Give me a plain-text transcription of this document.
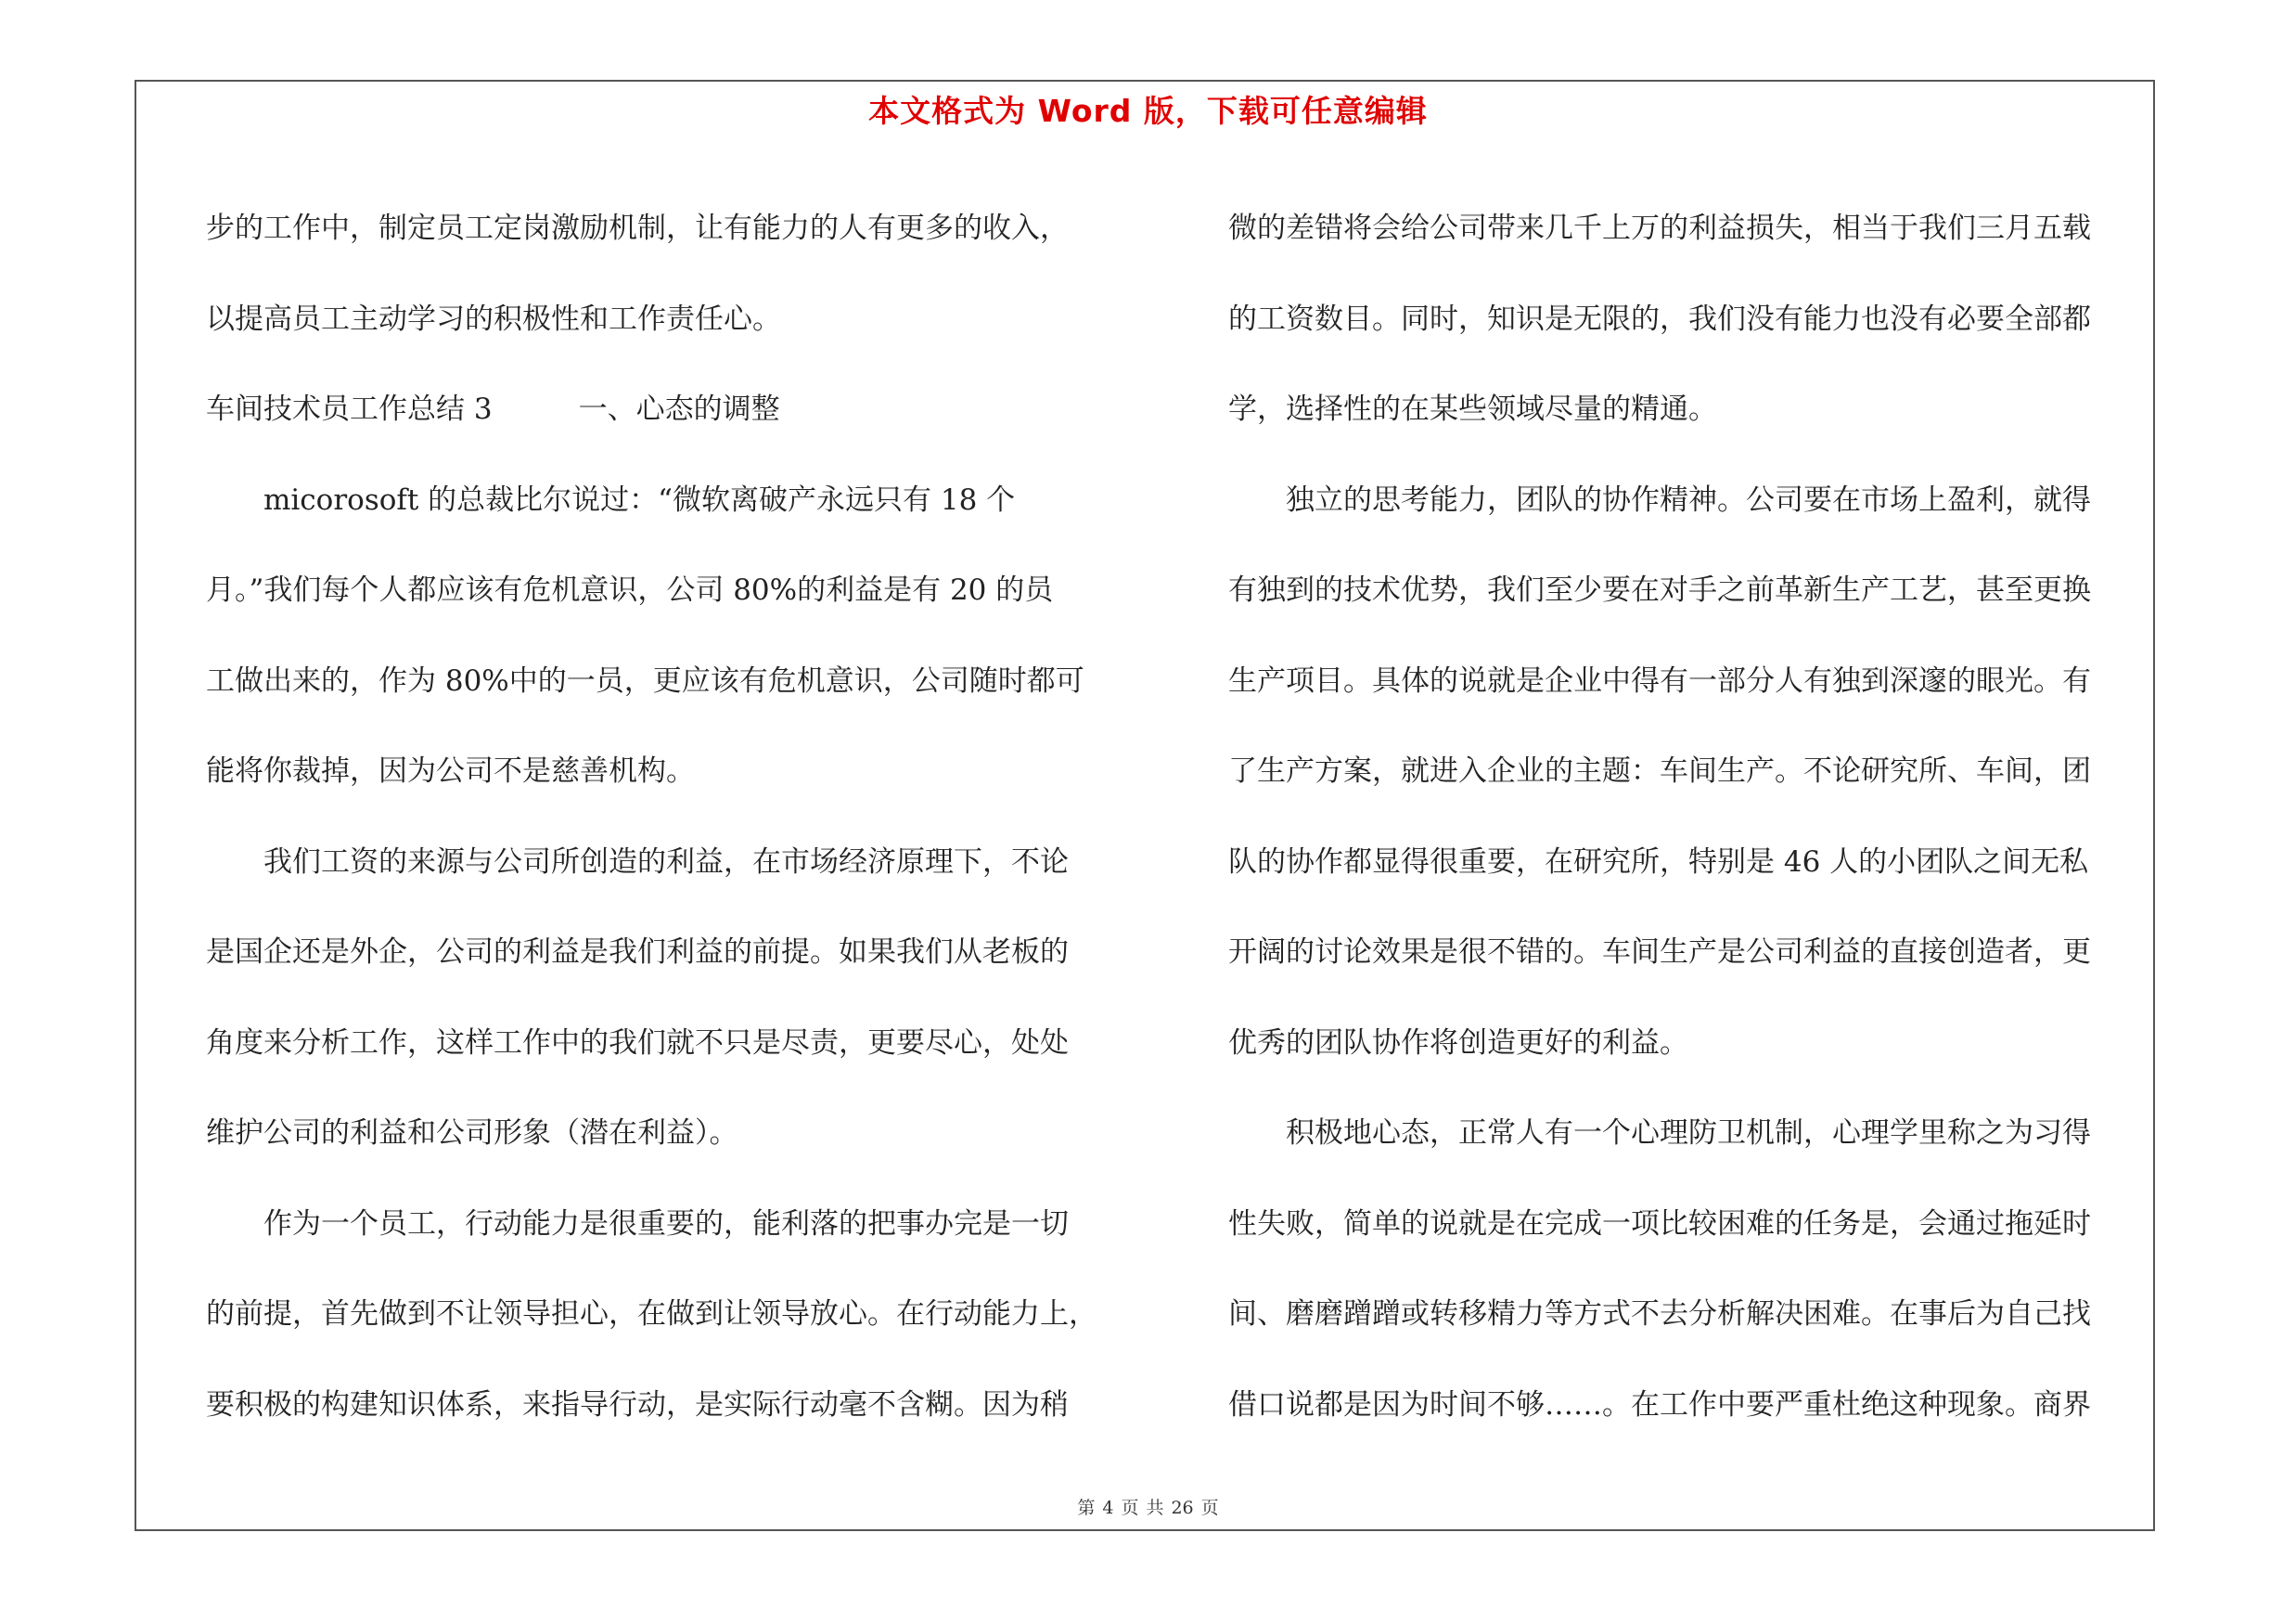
本文格式为 Word 版，下载可任意编辑
步的工作中，制定员工定岗激励机制，让有能力的人有更多的收入，
以提高员工主动学习的积极性和工作责任心。
车间技术员工作总结 3　　　一、心态的调整
　　micorosoft 的总裁比尔说过：“微软离破产永远只有 18 个
月。”我们每个人都应该有危机意识，公司 80%的利益是有 20 的员
工做出来的，作为 80%中的一员，更应该有危机意识，公司随时都可
能将你裁掉，因为公司不是慈善机构。
　　我们工资的来源与公司所创造的利益，在市场经济原理下，不论
是国企还是外企，公司的利益是我们利益的前提。如果我们从老板的
角度来分析工作，这样工作中的我们就不只是尽责，更要尽心，处处
维护公司的利益和公司形象（潜在利益）。
　　作为一个员工，行动能力是很重要的，能利落的把事办完是一切
的前提，首先做到不让领导担心，在做到让领导放心。在行动能力上，
要积极的构建知识体系，来指导行动，是实际行动毫不含糊。因为稍
微的差错将会给公司带来几千上万的利益损失，相当于我们三月五载
的工资数目。同时，知识是无限的，我们没有能力也没有必要全部都
学，选择性的在某些领域尽量的精通。
　　独立的思考能力，团队的协作精神。公司要在市场上盈利，就得
有独到的技术优势，我们至少要在对手之前革新生产工艺，甚至更换
生产项目。具体的说就是企业中得有一部分人有独到深邃的眼光。有
了生产方案，就进入企业的主题：车间生产。不论研究所、车间，团
队的协作都显得很重要，在研究所，特别是 46 人的小团队之间无私
开阔的讨论效果是很不错的。车间生产是公司利益的直接创造者，更
优秀的团队协作将创造更好的利益。
　　积极地心态，正常人有一个心理防卫机制，心理学里称之为习得
性失败，简单的说就是在完成一项比较困难的任务是，会通过拖延时
间、磨磨蹭蹭或转移精力等方式不去分析解决困难。在事后为自己找
借口说都是因为时间不够……。在工作中要严重杜绝这种现象。商界
第 4 页 共 26 页
